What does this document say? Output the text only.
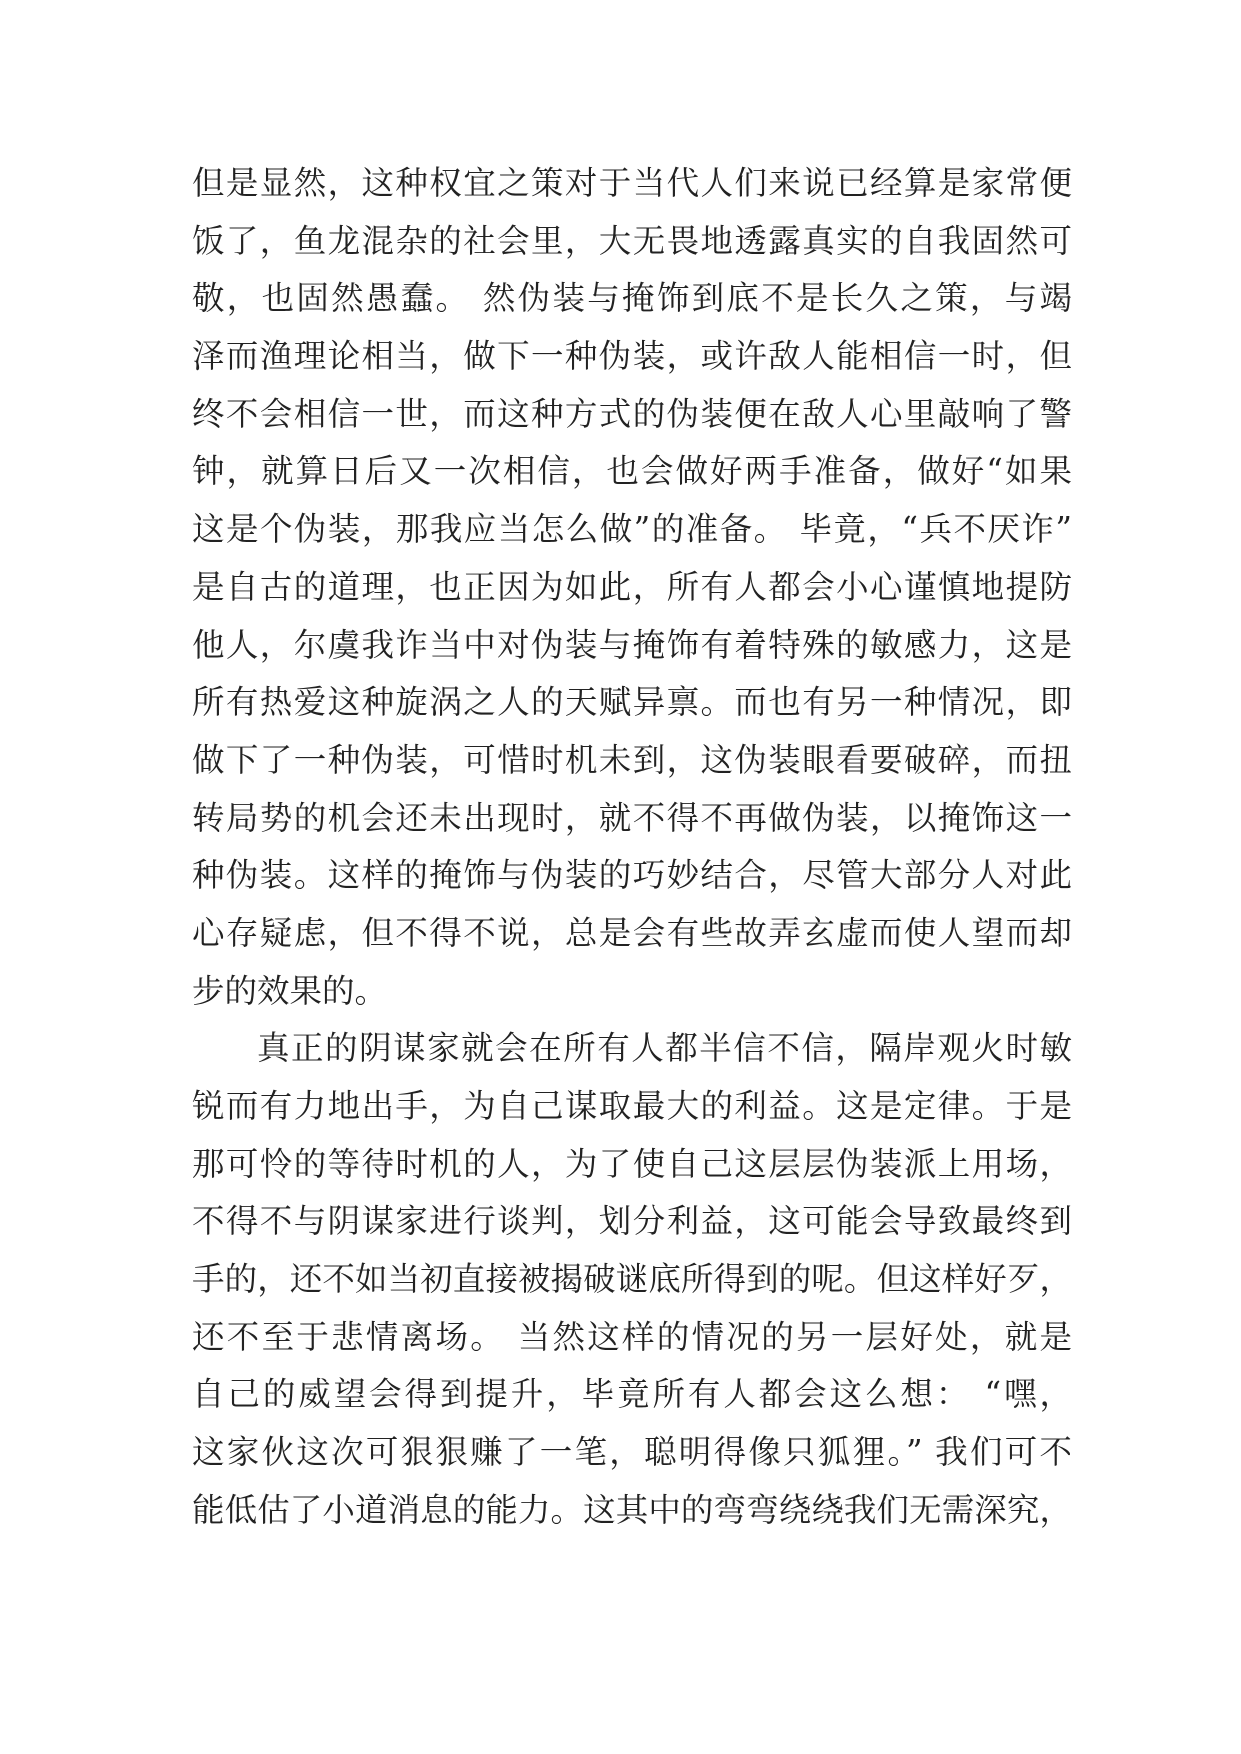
但是显然，这种权宜之策对于当代人们来说已经算是家常便
饭了，鱼龙混杂的社会里，大无畏地透露真实的自我固然可
敬，也固然愚蠢。 然伪装与掩饰到底不是长久之策，与竭
泽而渔理论相当，做下一种伪装，或许敌人能相信一时，但
终不会相信一世，而这种方式的伪装便在敌人心里敲响了警
钟，就算日后又一次相信，也会做好两手准备，做好“如果
这是个伪装，那我应当怎么做”的准备。 毕竟，“兵不厌诈”
是自古的道理，也正因为如此，所有人都会小心谨慎地提防
他人，尔虞我诈当中对伪装与掩饰有着特殊的敏感力，这是
所有热爱这种旋涡之人的天赋异禀。而也有另一种情况，即
做下了一种伪装，可惜时机未到，这伪装眼看要破碎，而扭
转局势的机会还未出现时，就不得不再做伪装，以掩饰这一
种伪装。这样的掩饰与伪装的巧妙结合，尽管大部分人对此
心存疑虑，但不得不说，总是会有些故弄玄虚而使人望而却
步的效果的。
真正的阴谋家就会在所有人都半信不信，隔岸观火时敏
锐而有力地出手，为自己谋取最大的利益。这是定律。于是
那可怜的等待时机的人，为了使自己这层层伪装派上用场，
不得不与阴谋家进行谈判，划分利益，这可能会导致最终到
手的，还不如当初直接被揭破谜底所得到的呢。但这样好歹，
还不至于悲情离场。 当然这样的情况的另一层好处，就是
自己的威望会得到提升，毕竟所有人都会这么想： “嘿，
这家伙这次可狠狠赚了一笔，聪明得像只狐狸。” 我们可不
能低估了小道消息的能力。这其中的弯弯绕绕我们无需深究，
